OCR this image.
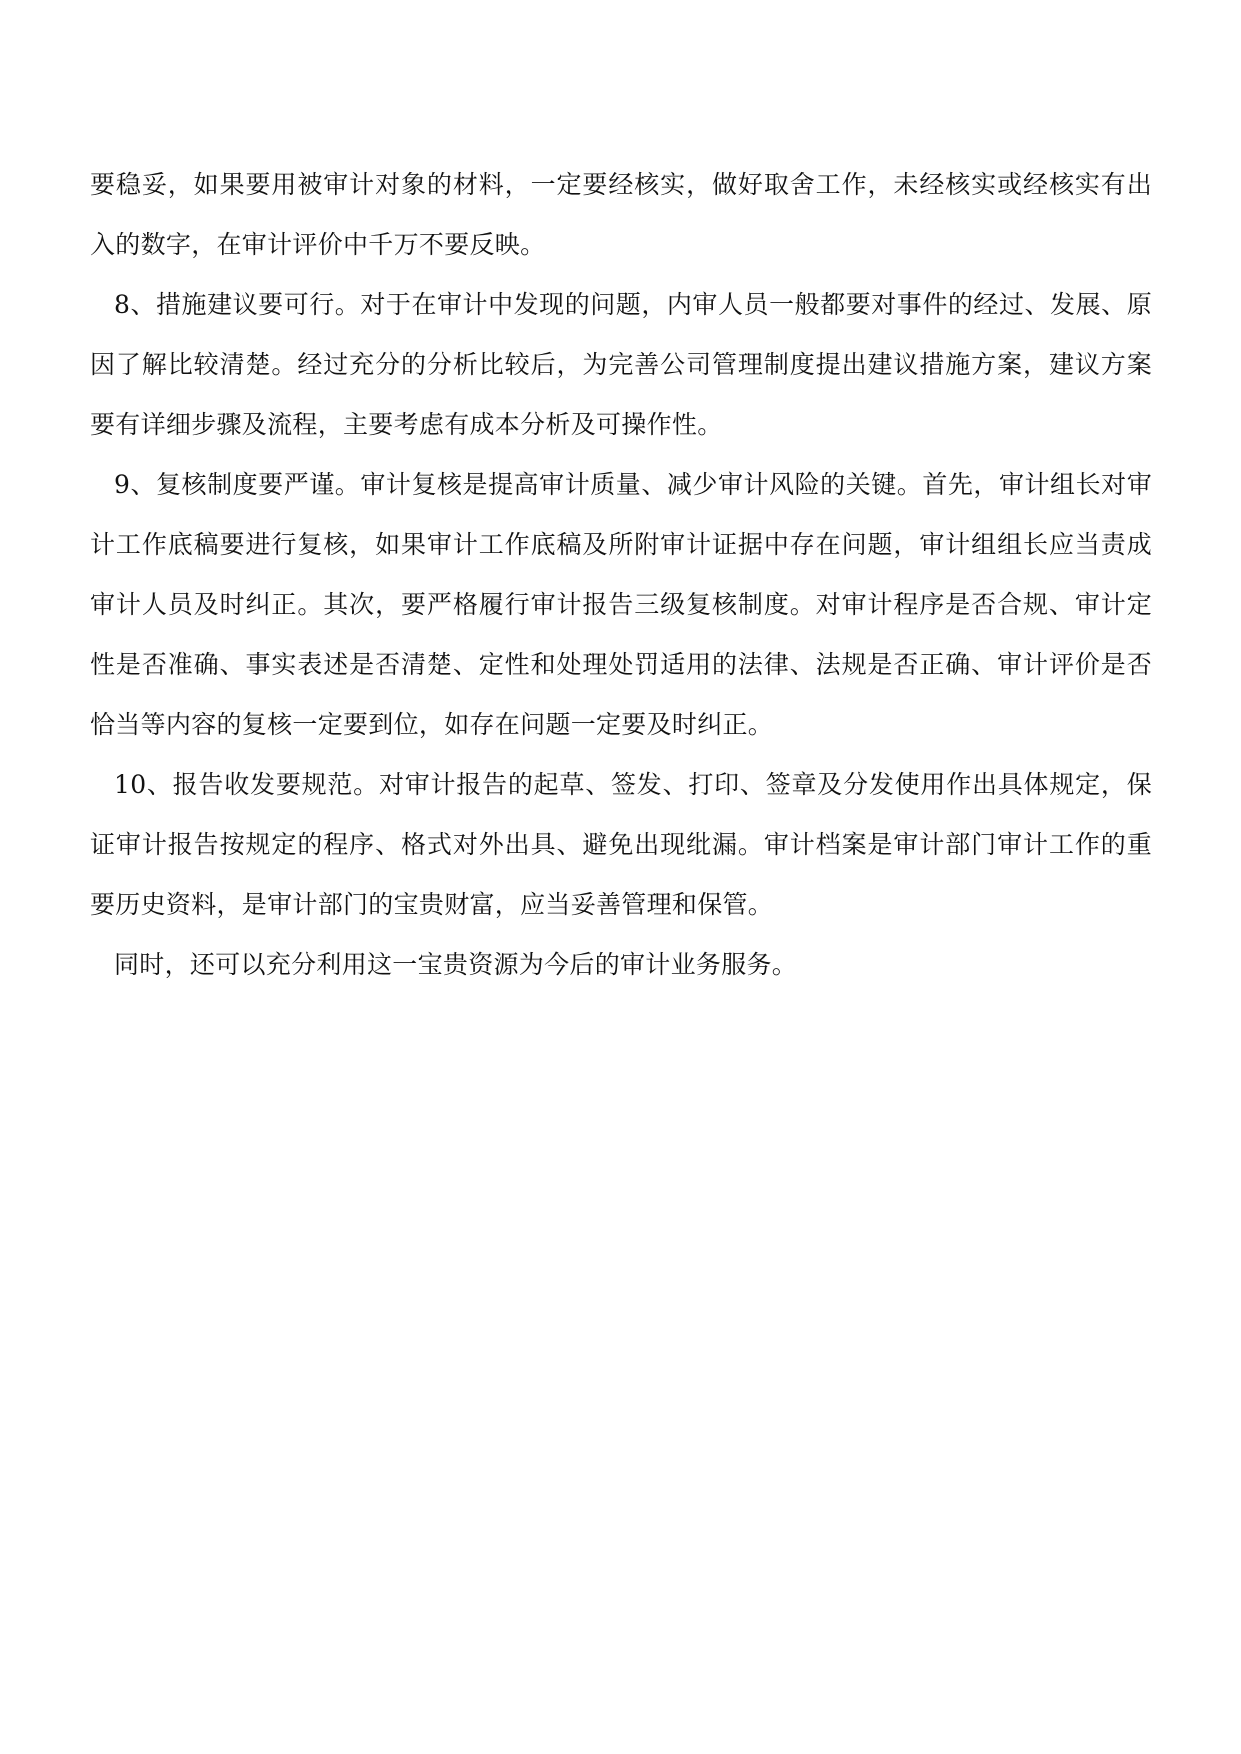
要稳妥，如果要用被审计对象的材料，一定要经核实，做好取舍工作，未经核实或经核实有出入的数字，在审计评价中千万不要反映。

8、措施建议要可行。对于在审计中发现的问题，内审人员一般都要对事件的经过、发展、原因了解比较清楚。经过充分的分析比较后，为完善公司管理制度提出建议措施方案，建议方案要有详细步骤及流程，主要考虑有成本分析及可操作性。

9、复核制度要严谨。审计复核是提高审计质量、减少审计风险的关键。首先，审计组长对审计工作底稿要进行复核，如果审计工作底稿及所附审计证据中存在问题，审计组组长应当责成审计人员及时纠正。其次，要严格履行审计报告三级复核制度。对审计程序是否合规、审计定性是否准确、事实表述是否清楚、定性和处理处罚适用的法律、法规是否正确、审计评价是否恰当等内容的复核一定要到位，如存在问题一定要及时纠正。

10、报告收发要规范。对审计报告的起草、签发、打印、签章及分发使用作出具体规定，保证审计报告按规定的程序、格式对外出具、避免出现纰漏。审计档案是审计部门审计工作的重要历史资料，是审计部门的宝贵财富，应当妥善管理和保管。

同时，还可以充分利用这一宝贵资源为今后的审计业务服务。
